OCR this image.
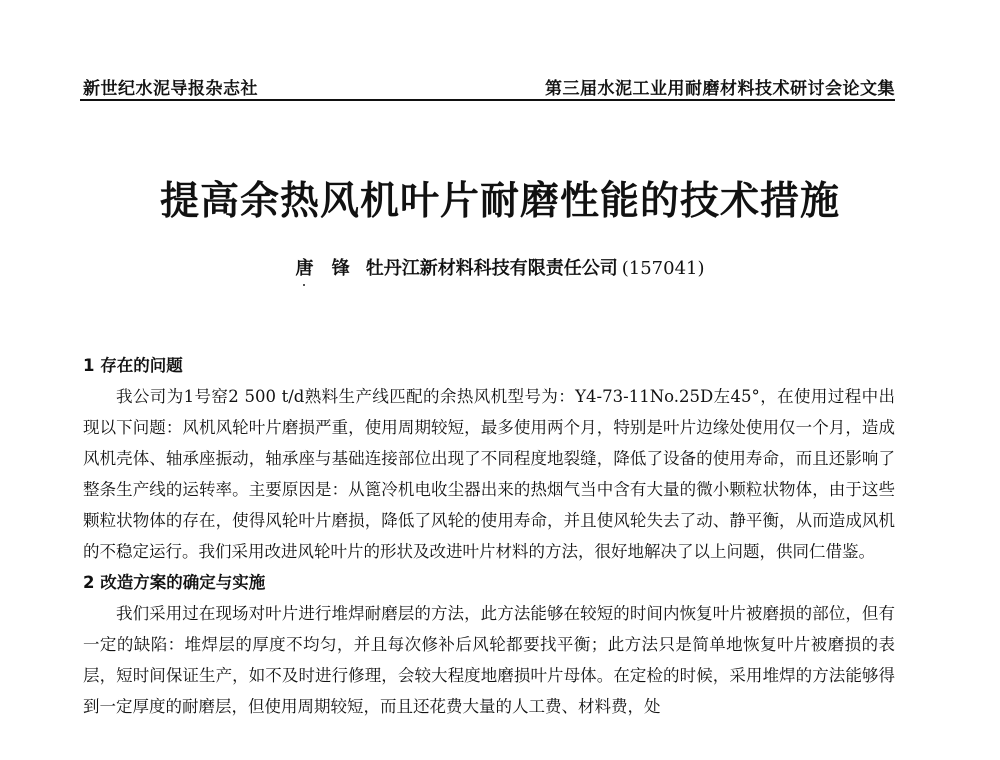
新世纪水泥导报杂志社	第三届水泥工业用耐磨材料技术研讨会论文集
提高余热风机叶片耐磨性能的技术措施
唐 锋 牡丹江新材料科技有限责任公司 (157041)
1 存在的问题

我公司为1号窑2 500 t/d熟料生产线匹配的余热风机型号为：Y4-73-11No.25D左45°，在使用过程中出现以下问题：风机风轮叶片磨损严重，使用周期较短，最多使用两个月，特别是叶片边缘处使用仅一个月，造成风机壳体、轴承座振动，轴承座与基础连接部位出现了不同程度地裂缝，降低了设备的使用寿命，而且还影响了整条生产线的运转率。主要原因是：从篦冷机电收尘器出来的热烟气当中含有大量的微小颗粒状物体，由于这些颗粒状物体的存在，使得风轮叶片磨损，降低了风轮的使用寿命，并且使风轮失去了动、静平衡，从而造成风机的不稳定运行。我们采用改进风轮叶片的形状及改进叶片材料的方法，很好地解决了以上问题，供同仁借鉴。

2 改造方案的确定与实施

我们采用过在现场对叶片进行堆焊耐磨层的方法，此方法能够在较短的时间内恢复叶片被磨损的部位，但有一定的缺陷：堆焊层的厚度不均匀，并且每次修补后风轮都要找平衡；此方法只是简单地恢复叶片被磨损的表层，短时间保证生产，如不及时进行修理，会较大程度地磨损叶片母体。在定检的时候，采用堆焊的方法能够得到一定厚度的耐磨层，但使用周期较短，而且还花费大量的人工费、材料费，处
